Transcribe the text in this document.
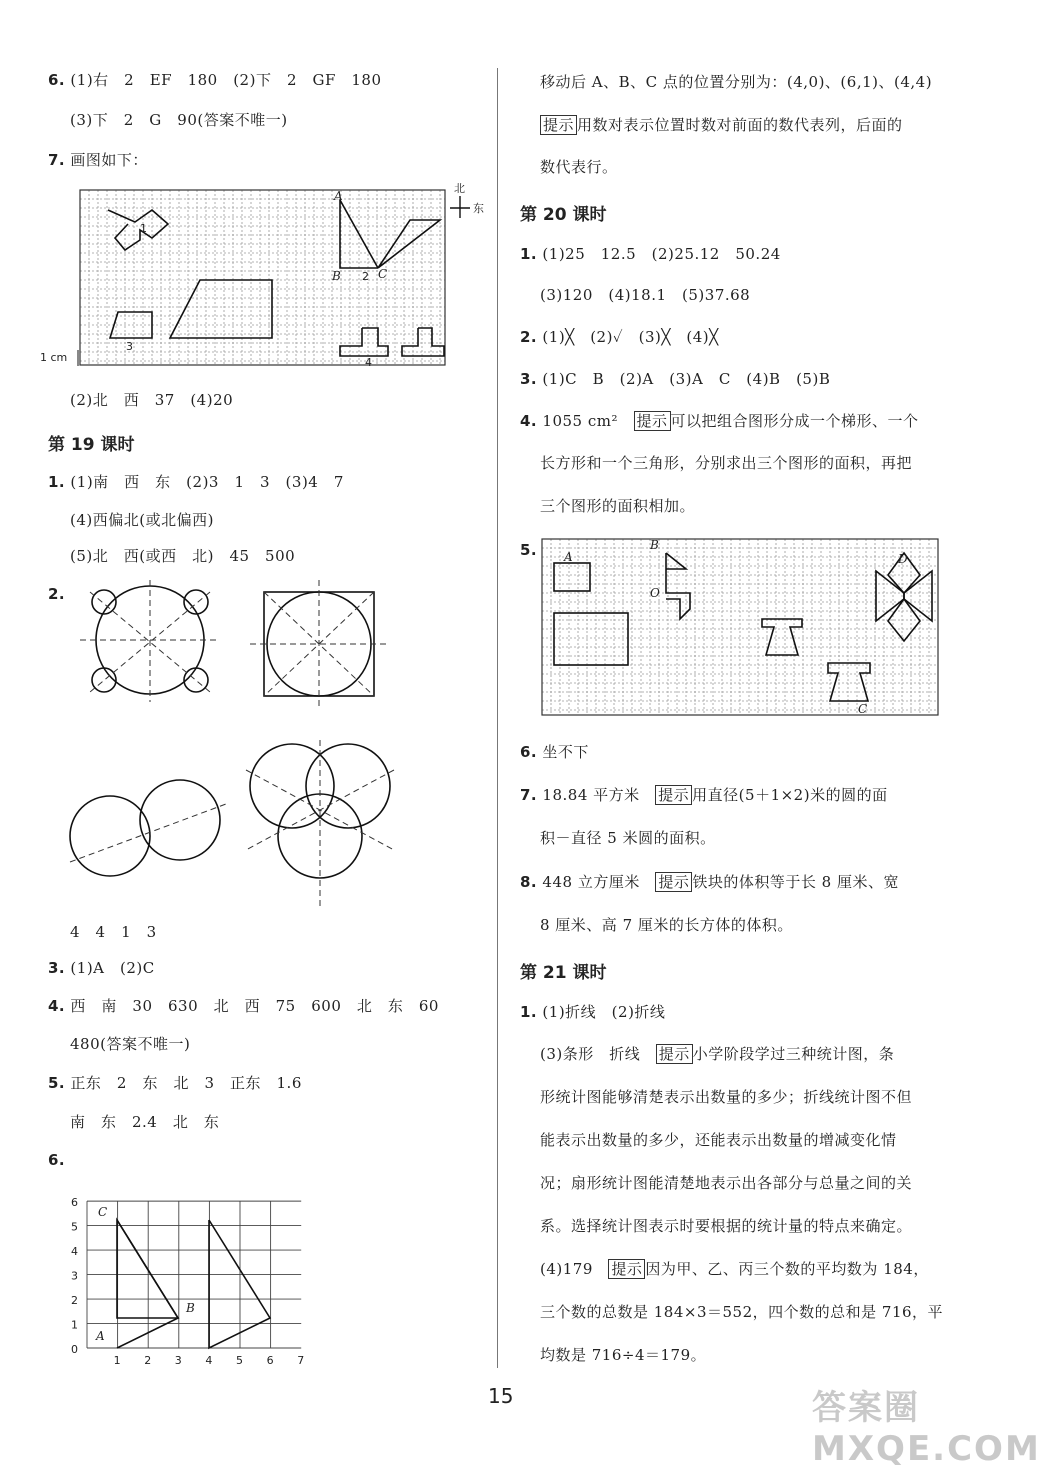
6. (1)右　2　EF　180　(2)下　2　GF　180
(3)下　2　G　90(答案不唯一)
7. 画图如下：
北
东
1 cm
A
B	C
1
2
3
4
(2)北　西　37　(4)20
第 19 课时
1. (1)南　西　东　(2)3　1　3　(3)4　7
(4)西偏北(或北偏西)
(5)北　西(或西　北)　45　500
2.
4　4　1　3
3. (1)A　(2)C
4. 西　南　30　630　北　西　75　600　北　东　60
480(答案不唯一)
5. 正东　2　东　北　3　正东　1.6
南　东　2.4　北　东
6.
6
5
4
3
2
1
0
1 2 3 4 5 6 7
C
A
B
移动后 A、B、C 点的位置分别为：(4,0)、(6,1)、(4,4)
提示 用数对表示位置时数对前面的数代表列，后面的
数代表行。
第 20 课时
1. (1)25　12.5　(2)25.12　50.24
(3)120　(4)18.1　(5)37.68
2. (1)╳　(2)✓　(3)╳　(4)╳
3. (1)C　B　(2)A　(3)A　C　(4)B　(5)B
4. 1055 cm²　 提示 可以把组合图形分成一个梯形、一个
长方形和一个三角形，分别求出三个图形的面积，再把
三个图形的面积相加。
5. A
B
O
D
C
6. 坐不下
7. 18.84 平方米　 提示 用直径(5＋1×2)米的圆的面
积－直径 5 米圆的面积。
8. 448 立方厘米　 提示 铁块的体积等于长 8 厘米、宽
8 厘米、高 7 厘米的长方体的体积。
第 21 课时
1. (1)折线　(2)折线
(3)条形　折线　 提示 小学阶段学过三种统计图，条
形统计图能够清楚表示出数量的多少；折线统计图不但
能表示出数量的多少，还能表示出数量的增减变化情
况；扇形统计图能清楚地表示出各部分与总量之间的关
系。选择统计图表示时要根据的统计量的特点来确定。
(4)179　 提示 因为甲、乙、丙三个数的平均数为 184，
三个数的总数是 184×3＝552，四个数的总和是 716，平
均数是 716÷4＝179。
15	答案圈 MXQE.COM
